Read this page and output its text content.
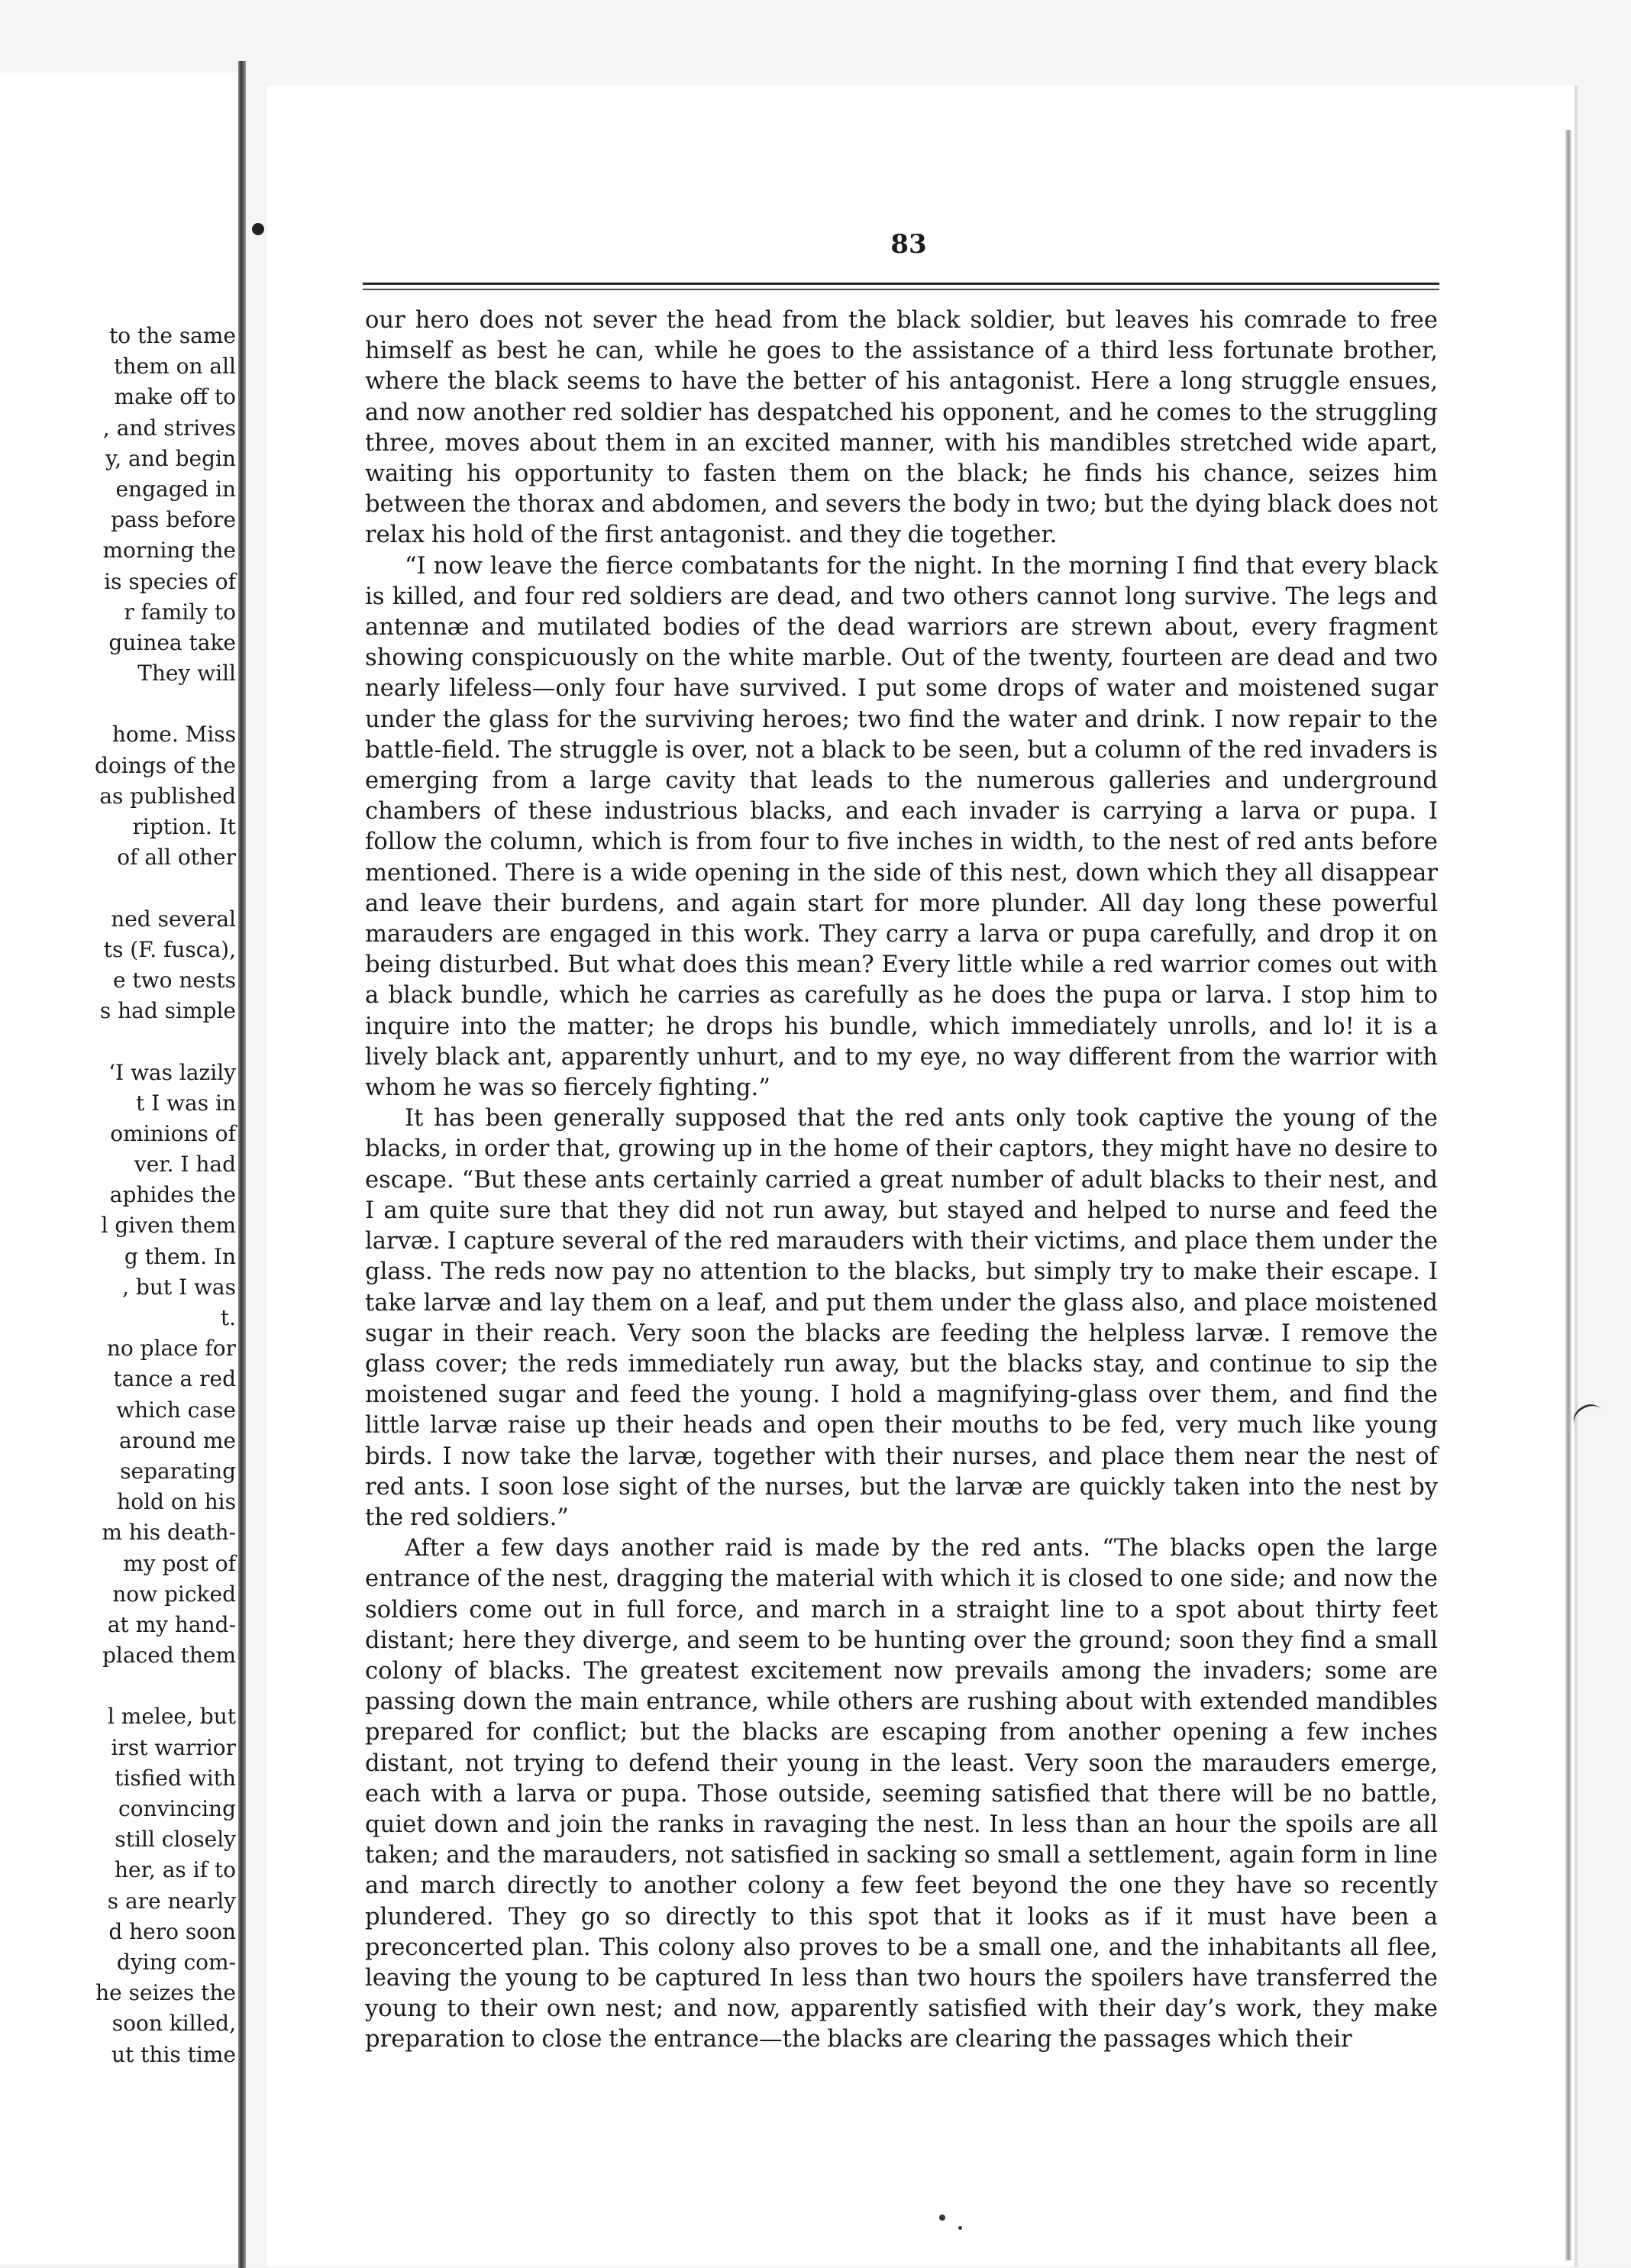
to the same
them on all
make off to
, and strives
y, and begin
engaged in
pass before
morning the
is species of
r family to
guinea take
They will
home. Miss
doings of the
as published
ription. It
of all other
ned several
ts (F. fusca),
e two nests
s had simple
‘I was lazily
t I was in
ominions of
ver. I had
aphides the
l given them
g them. In
, but I was
t.
no place for
tance a red
which case
around me
separating
hold on his
m his death-
my post of
now picked
at my hand-
placed them
l melee, but
irst warrior
tisfied with
convincing
still closely
her, as if to
s are nearly
d hero soon
dying com-
he seizes the
soon killed,
ut this time
83

our hero does not sever the head from the black soldier, but leaves his comrade to free himself as best he can, while he goes to the assistance of a third less fortunate brother, where the black seems to have the better of his antagonist. Here a long struggle ensues, and now another red soldier has despatched his opponent, and he comes to the struggling three, moves about them in an excited manner, with his mandibles stretched wide apart, waiting his opportunity to fasten them on the black; he finds his chance, seizes him between the thorax and abdomen, and severs the body in two; but the dying black does not relax his hold of the first antagonist. and they die together.

“I now leave the fierce combatants for the night. In the morning I find that every black is killed, and four red soldiers are dead, and two others cannot long survive. The legs and antennæ and mutilated bodies of the dead warriors are strewn about, every fragment showing conspicuously on the white marble. Out of the twenty, fourteen are dead and two nearly lifeless—only four have survived. I put some drops of water and moistened sugar under the glass for the surviving heroes; two find the water and drink. I now repair to the battle-field. The struggle is over, not a black to be seen, but a column of the red invaders is emerging from a large cavity that leads to the numerous galleries and underground chambers of these industrious blacks, and each invader is carrying a larva or pupa. I follow the column, which is from four to five inches in width, to the nest of red ants before mentioned. There is a wide opening in the side of this nest, down which they all disappear and leave their burdens, and again start for more plunder. All day long these powerful marauders are engaged in this work. They carry a larva or pupa carefully, and drop it on being disturbed. But what does this mean? Every little while a red warrior comes out with a black bundle, which he carries as carefully as he does the pupa or larva. I stop him to inquire into the matter; he drops his bundle, which immediately unrolls, and lo! it is a lively black ant, apparently unhurt, and to my eye, no way different from the warrior with whom he was so fiercely fighting.”

It has been generally supposed that the red ants only took captive the young of the blacks, in order that, growing up in the home of their captors, they might have no desire to escape. “But these ants certainly carried a great number of adult blacks to their nest, and I am quite sure that they did not run away, but stayed and helped to nurse and feed the larvæ. I capture several of the red marauders with their victims, and place them under the glass. The reds now pay no attention to the blacks, but simply try to make their escape. I take larvæ and lay them on a leaf, and put them under the glass also, and place moistened sugar in their reach. Very soon the blacks are feeding the helpless larvæ. I remove the glass cover; the reds immediately run away, but the blacks stay, and continue to sip the moistened sugar and feed the young. I hold a magnifying-glass over them, and find the little larvæ raise up their heads and open their mouths to be fed, very much like young birds. I now take the larvæ, together with their nurses, and place them near the nest of red ants. I soon lose sight of the nurses, but the larvæ are quickly taken into the nest by the red soldiers.”

After a few days another raid is made by the red ants. “The blacks open the large entrance of the nest, dragging the material with which it is closed to one side; and now the soldiers come out in full force, and march in a straight line to a spot about thirty feet distant; here they diverge, and seem to be hunting over the ground; soon they find a small colony of blacks. The greatest excitement now prevails among the invaders; some are passing down the main entrance, while others are rushing about with extended mandibles prepared for conflict; but the blacks are escaping from another opening a few inches distant, not trying to defend their young in the least. Very soon the marauders emerge, each with a larva or pupa. Those outside, seeming satisfied that there will be no battle, quiet down and join the ranks in ravaging the nest. In less than an hour the spoils are all taken; and the marauders, not satisfied in sacking so small a settlement, again form in line and march directly to another colony a few feet beyond the one they have so recently plundered. They go so directly to this spot that it looks as if it must have been a preconcerted plan. This colony also proves to be a small one, and the inhabitants all flee, leaving the young to be captured In less than two hours the spoilers have transferred the young to their own nest; and now, apparently satisfied with their day’s work, they make preparation to close the entrance—the blacks are clearing the passages which their
